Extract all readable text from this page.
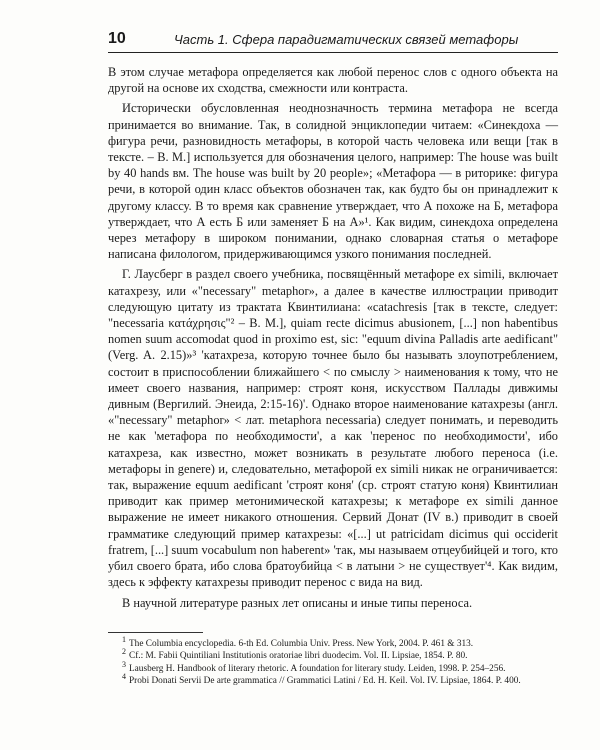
10	Часть 1. Сфера парадигматических связей метафоры

В этом случае метафора определяется как любой перенос слов с одного объекта на другой на основе их сходства, смежности или контраста.

Исторически обусловленная неоднозначность термина метафора не всегда принимается во внимание. Так, в солидной энциклопедии читаем: «Синекдоха — фигура речи, разновидность метафоры, в которой часть человека или вещи [так в тексте. – В. М.] используется для обозначения целого, например: The house was built by 40 hands вм. The house was built by 20 people»; «Метафора — в риторике: фигура речи, в которой один класс объектов обозначен так, как будто бы он принадлежит к другому классу. В то время как сравнение утверждает, что А похоже на Б, метафора утверждает, что А есть Б или заменяет Б на А»¹. Как видим, синекдоха определена через метафору в широком понимании, однако словарная статья о метафоре написана филологом, придерживающимся узкого понимания последней.

Г. Лаусберг в раздел своего учебника, посвящённый метафоре ex simili, включает катахрезу, или «"necessary" metaphor», а далее в качестве иллюстрации приводит следующую цитату из трактата Квинтилиана: «catachresis [так в тексте, следует: "necessaria κατάχρησις"² – В. М.], quiam recte dicimus abusionem, [...] non habentibus nomen suum accomodat quod in proximo est, sic: "equum divina Palladis arte aedificant" (Verg. A. 2.15)»³ 'катахреза, которую точнее было бы называть злоупотреблением, состоит в приспособлении ближайшего < по смыслу > наименования к тому, что не имеет своего названия, например: строят коня, искусством Паллады дивжимы дивным (Вергилий. Энеида, 2:15-16)'. Однако второе наименование катахрезы (англ. «"necessary" metaphor» < лат. metaphora necessaria) следует понимать, и переводить не как 'метафора по необходимости', а как 'перенос по необходимости', ибо катахреза, как известно, может возникать в результате любого переноса (i.e. метафоры in genere) и, следовательно, метафорой ex simili никак не ограничивается: так, выражение equum aedificant 'строят коня' (ср. строят статую коня) Квинтилиан приводит как пример метонимической катахрезы; к метафоре ex simili данное выражение не имеет никакого отношения. Сервий Донат (IV в.) приводит в своей грамматике следующий пример катахрезы: «[...] ut patricidam dicimus qui occiderit fratrem, [...] suum vocabulum non haberent» 'так, мы называем отцеубийцей и того, кто убил своего брата, ибо слова братоубийца < в латыни > не существует'⁴. Как видим, здесь к эффекту катахрезы приводит перенос с вида на вид.

В научной литературе разных лет описаны и иные типы переноса.

1 The Columbia encyclopedia. 6-th Ed. Columbia Univ. Press. New York, 2004. P. 461 & 313.

2 Cf.: M. Fabii Quintiliani Institutionis oratoriae libri duodecim. Vol. II. Lipsiae, 1854. P. 80.

3 Lausberg H. Handbook of literary rhetoric. A foundation for literary study. Leiden, 1998. P. 254–256.

4 Probi Donati Servii De arte grammatica // Grammatici Latini / Ed. H. Keil. Vol. IV. Lipsiae, 1864. P. 400.
